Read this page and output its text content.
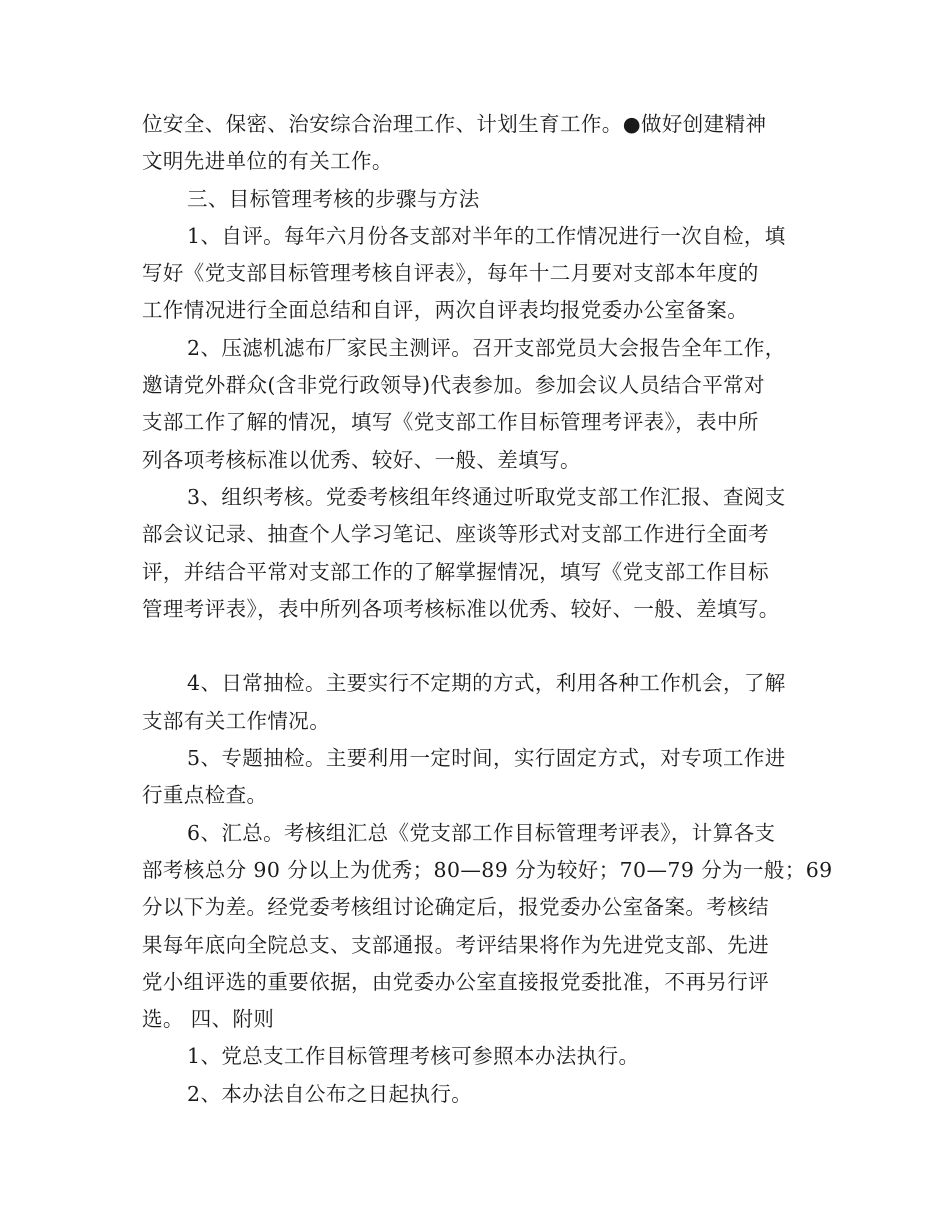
位安全、保密、治安综合治理工作、计划生育工作。●做好创建精神
文明先进单位的有关工作。
三、目标管理考核的步骤与方法
1、自评。每年六月份各支部对半年的工作情况进行一次自检，填
写好《党支部目标管理考核自评表》，每年十二月要对支部本年度的
工作情况进行全面总结和自评，两次自评表均报党委办公室备案。
2、压滤机滤布厂家民主测评。召开支部党员大会报告全年工作，
邀请党外群众(含非党行政领导)代表参加。参加会议人员结合平常对
支部工作了解的情况，填写《党支部工作目标管理考评表》，表中所
列各项考核标准以优秀、较好、一般、差填写。
3、组织考核。党委考核组年终通过听取党支部工作汇报、查阅支
部会议记录、抽查个人学习笔记、座谈等形式对支部工作进行全面考
评，并结合平常对支部工作的了解掌握情况，填写《党支部工作目标
管理考评表》，表中所列各项考核标准以优秀、较好、一般、差填写。
4、日常抽检。主要实行不定期的方式，利用各种工作机会，了解
支部有关工作情况。
5、专题抽检。主要利用一定时间，实行固定方式，对专项工作进
行重点检查。
6、汇总。考核组汇总《党支部工作目标管理考评表》，计算各支
部考核总分 90 分以上为优秀；80—89 分为较好；70—79 分为一般；69
分以下为差。经党委考核组讨论确定后，报党委办公室备案。考核结
果每年底向全院总支、支部通报。考评结果将作为先进党支部、先进
党小组评选的重要依据，由党委办公室直接报党委批准，不再另行评
选。 四、附则
1、党总支工作目标管理考核可参照本办法执行。
2、本办法自公布之日起执行。
